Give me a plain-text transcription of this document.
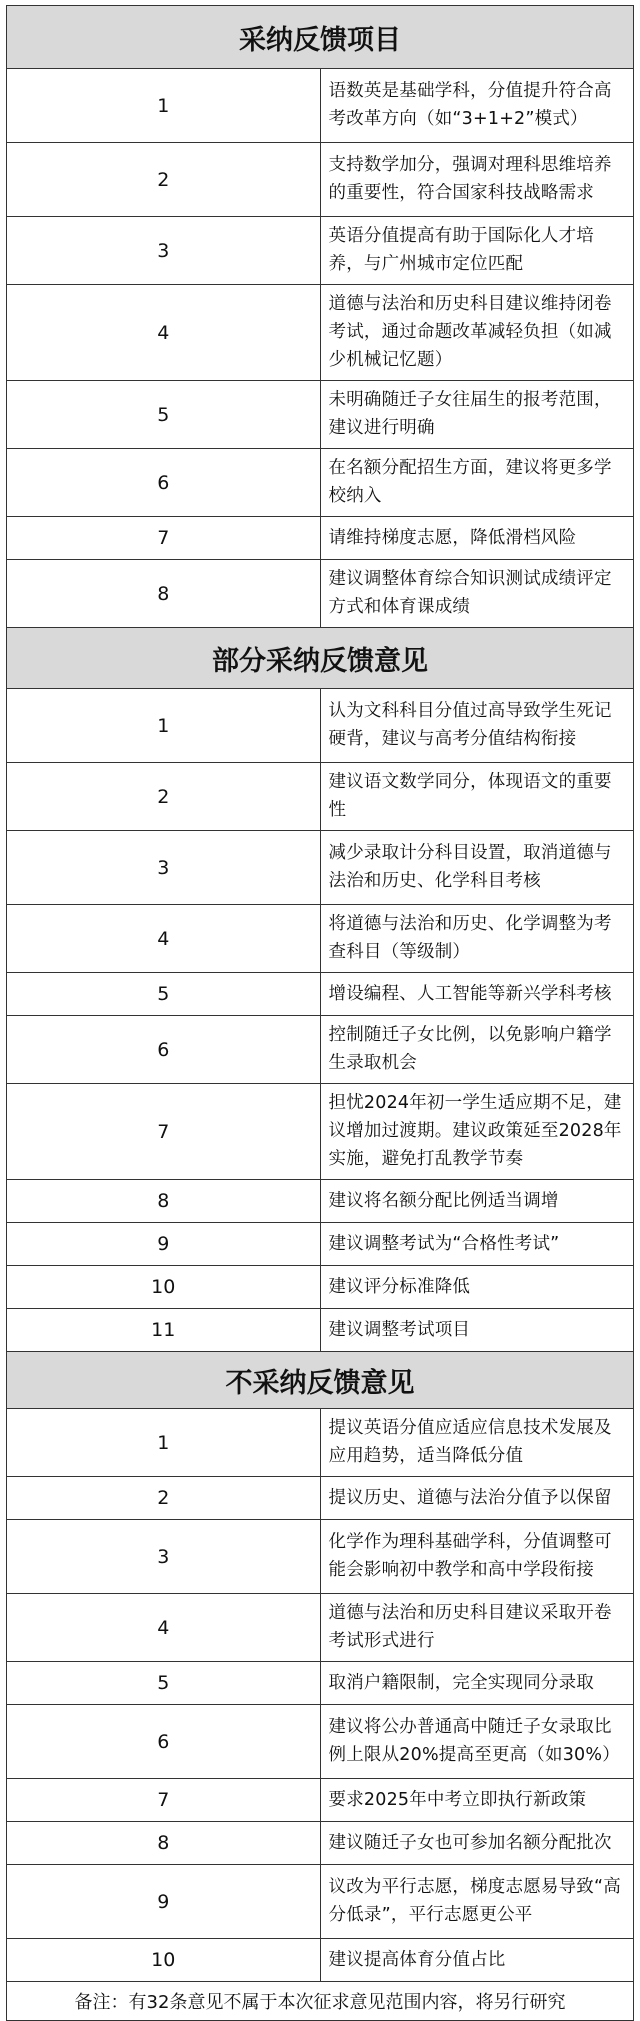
采纳反馈项目	
1	语数英是基础学科，分值提升符合高考改革方向（如“3+1+2”模式）
2	支持数学加分，强调对理科思维培养的重要性，符合国家科技战略需求
3	英语分值提高有助于国际化人才培养，与广州城市定位匹配
4	道德与法治和历史科目建议维持闭卷考试，通过命题改革减轻负担（如减少机械记忆题）
5	未明确随迁子女往届生的报考范围，建议进行明确
6	在名额分配招生方面，建议将更多学校纳入
7	请维持梯度志愿，降低滑档风险
8	建议调整体育综合知识测试成绩评定方式和体育课成绩
部分采纳反馈意见	
1	认为文科科目分值过高导致学生死记硬背，建议与高考分值结构衔接
2	建议语文数学同分，体现语文的重要性
3	减少录取计分科目设置，取消道德与法治和历史、化学科目考核
4	将道德与法治和历史、化学调整为考查科目（等级制）
5	增设编程、人工智能等新兴学科考核
6	控制随迁子女比例，以免影响户籍学生录取机会
7	担忧2024年初一学生适应期不足，建议增加过渡期。建议政策延至2028年实施，避免打乱教学节奏
8	建议将名额分配比例适当调增
9	建议调整考试为“合格性考试”
10	建议评分标准降低
11	建议调整考试项目
不采纳反馈意见	
1	提议英语分值应适应信息技术发展及应用趋势，适当降低分值
2	提议历史、道德与法治分值予以保留
3	化学作为理科基础学科，分值调整可能会影响初中教学和高中学段衔接
4	道德与法治和历史科目建议采取开卷考试形式进行
5	取消户籍限制，完全实现同分录取
6	建议将公办普通高中随迁子女录取比例上限从20%提高至更高（如30%）
7	要求2025年中考立即执行新政策
8	建议随迁子女也可参加名额分配批次
9	议改为平行志愿，梯度志愿易导致“高分低录”，平行志愿更公平
10	建议提高体育分值占比
备注：有32条意见不属于本次征求意见范围内容，将另行研究	
